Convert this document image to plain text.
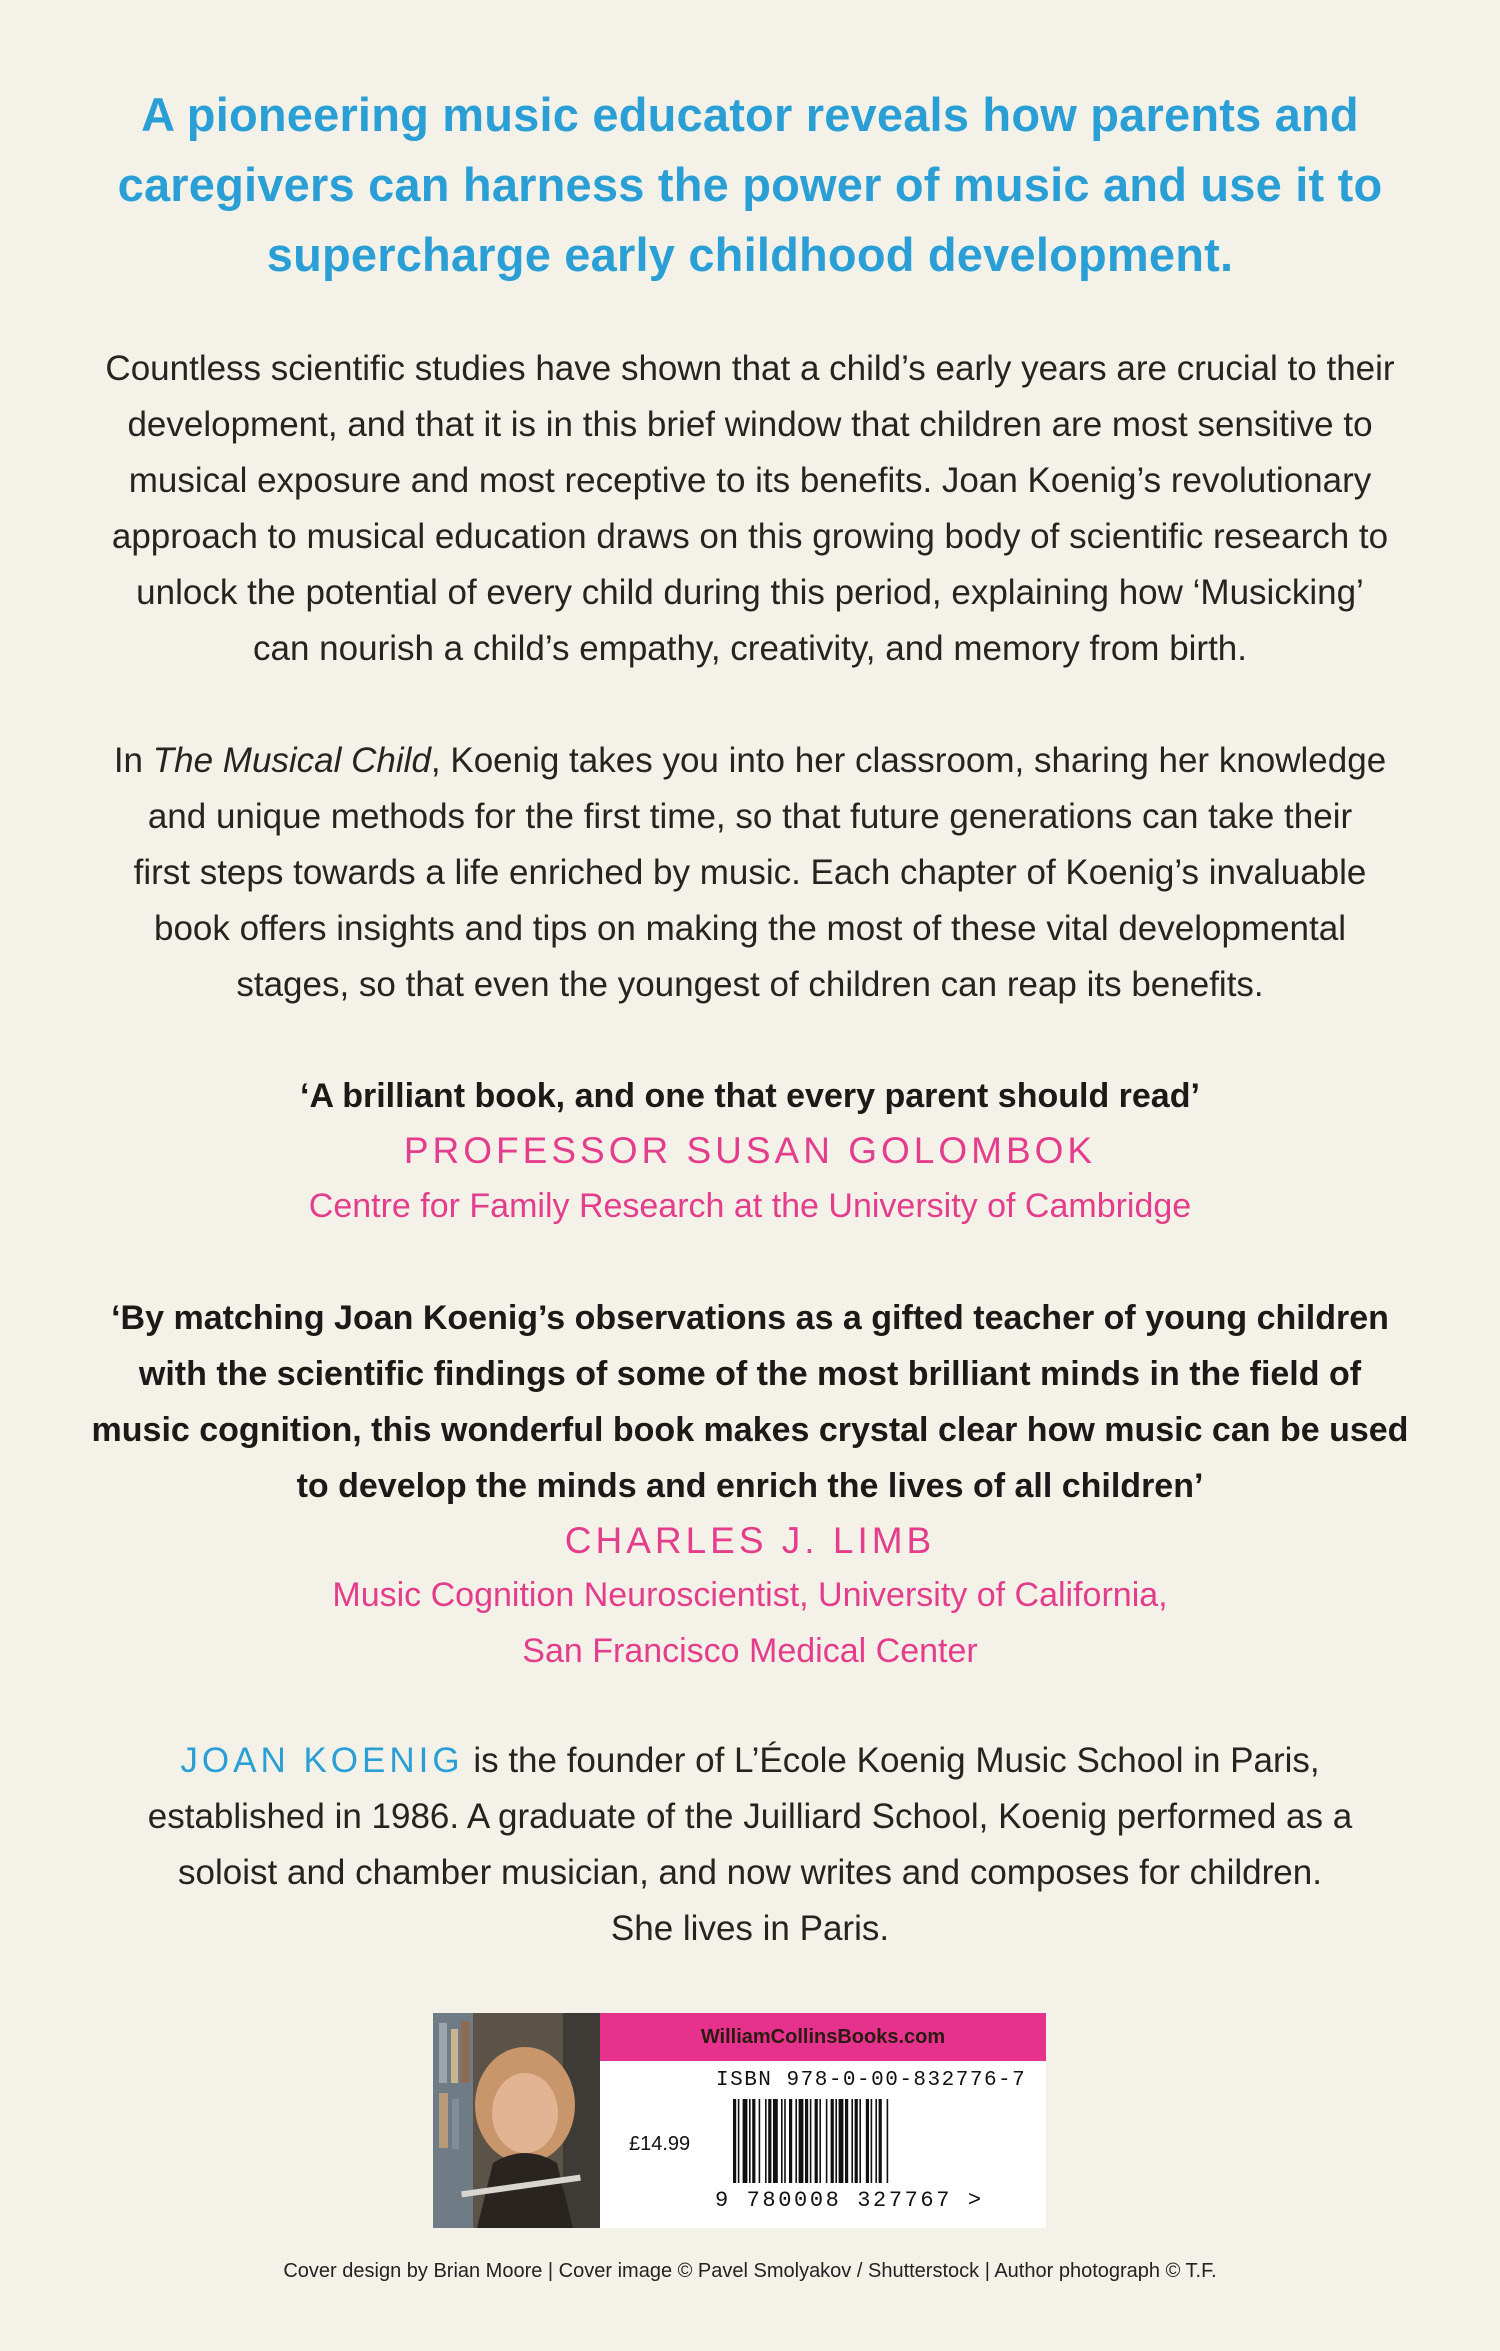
A pioneering music educator reveals how parents and
caregivers can harness the power of music and use it to
supercharge early childhood development.
Countless scientific studies have shown that a child’s early years are crucial to their
development, and that it is in this brief window that children are most sensitive to
musical exposure and most receptive to its benefits. Joan Koenig’s revolutionary
approach to musical education draws on this growing body of scientific research to
unlock the potential of every child during this period, explaining how ‘Musicking’
can nourish a child’s empathy, creativity, and memory from birth.
In The Musical Child, Koenig takes you into her classroom, sharing her knowledge
and unique methods for the first time, so that future generations can take their
first steps towards a life enriched by music. Each chapter of Koenig’s invaluable
book offers insights and tips on making the most of these vital developmental
stages, so that even the youngest of children can reap its benefits.
‘A brilliant book, and one that every parent should read’
PROFESSOR SUSAN GOLOMBOK
Centre for Family Research at the University of Cambridge
‘By matching Joan Koenig’s observations as a gifted teacher of young children
with the scientific findings of some of the most brilliant minds in the field of
music cognition, this wonderful book makes crystal clear how music can be used
to develop the minds and enrich the lives of all children’
CHARLES J. LIMB
Music Cognition Neuroscientist, University of California,
San Francisco Medical Center
JOAN KOENIG is the founder of L’École Koenig Music School in Paris,
established in 1986. A graduate of the Juilliard School, Koenig performed as a
soloist and chamber musician, and now writes and composes for children.
She lives in Paris.
WilliamCollinsBooks.com
ISBN 978-0-00-832776-7
£14.99
9 780008 327767 >
Cover design by Brian Moore | Cover image © Pavel Smolyakov / Shutterstock | Author photograph © T.F.
